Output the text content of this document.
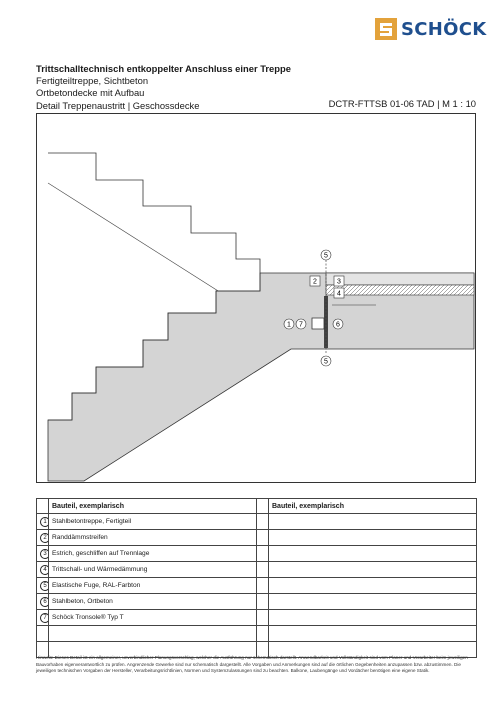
SCHÖCK
Trittschalltechnisch entkoppelter Anschluss einer Treppe
Fertigteiltreppe, Sichtbeton
Ortbetondecke mit Aufbau
Detail Treppenaustritt | Geschossdecke	DCTR-FTTSB 01-06 TAD | M 1 : 10
5
2	3
4
1 7	6
5
	Bauteil, exemplarisch		Bauteil, exemplarisch
1	Stahlbetontreppe, Fertigteil		
2	Randdämmstreifen		
3	Estrich, geschliffen auf Trennlage		
4	Trittschall- und Wärmedämmung		
5	Elastische Fuge, RAL-Farbton		
6	Stahlbeton, Ortbeton		
7	Schöck Tronsole® Typ T		

Hinweis: Dieses Detail ist ein allgemeiner, unverbindlicher Planungsvorschlag, welcher die Ausführung nur schematisch darstellt. Anwendbarkeit und Vollständigkeit sind vom Planer und Verarbeiter beim jeweiligen Bauvorhaben eigenverantwortlich zu prüfen. Angrenzende Gewerke sind nur schematisch dargestellt. Alle Vorgaben und Anmerkungen sind auf die örtlichen Gegebenheiten anzupassen bzw. abzustimmen. Die jeweiligen technischen Vorgaben der Hersteller, Verarbeitungsrichtlinien, Normen und Systemzulassungen sind zu beachten. Balkone, Laubengänge und Vordächer benötigen eine eigene Statik.
